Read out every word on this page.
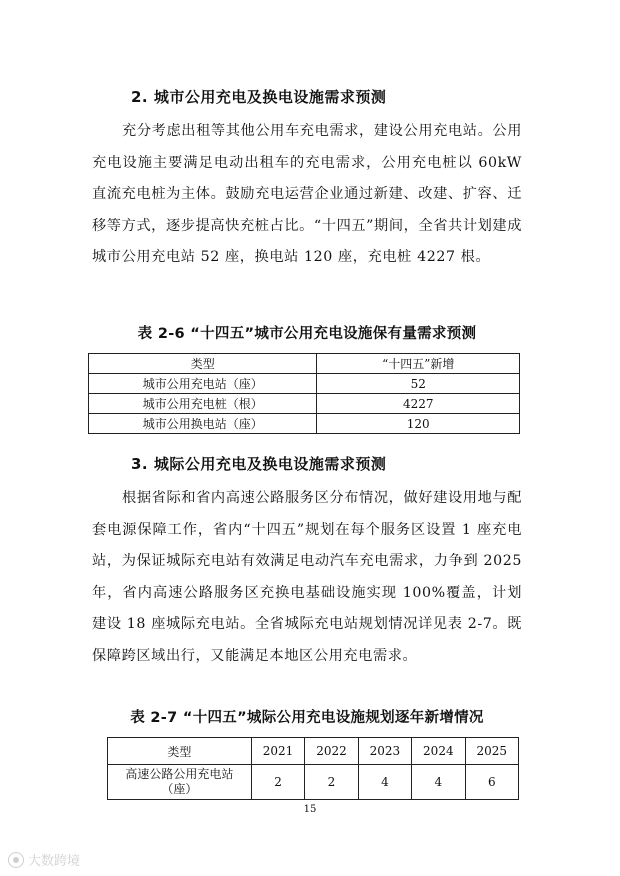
2. 城市公用充电及换电设施需求预测
充分考虑出租等其他公用车充电需求，建设公用充电站。公用充电设施主要满足电动出租车的充电需求，公用充电桩以 60kW 直流充电桩为主体。鼓励充电运营企业通过新建、改建、扩容、迁移等方式，逐步提高快充桩占比。“十四五”期间，全省共计划建成城市公用充电站 52 座，换电站 120 座，充电桩 4227 根。
表 2-6 “十四五”城市公用充电设施保有量需求预测
类型	“十四五”新增
城市公用充电站（座）	52
城市公用充电桩（根）	4227
城市公用换电站（座）	120
3. 城际公用充电及换电设施需求预测
根据省际和省内高速公路服务区分布情况，做好建设用地与配套电源保障工作，省内“十四五”规划在每个服务区设置 1 座充电站，为保证城际充电站有效满足电动汽车充电需求，力争到 2025 年，省内高速公路服务区充换电基础设施实现 100%覆盖，计划建设 18 座城际充电站。全省城际充电站规划情况详见表 2-7。既保障跨区域出行，又能满足本地区公用充电需求。
表 2-7 “十四五”城际公用充电设施规划逐年新增情况
类型	2021	2022	2023	2024	2025
高速公路公用充电站（座）	2	2	4	4	6
15
大数跨境
